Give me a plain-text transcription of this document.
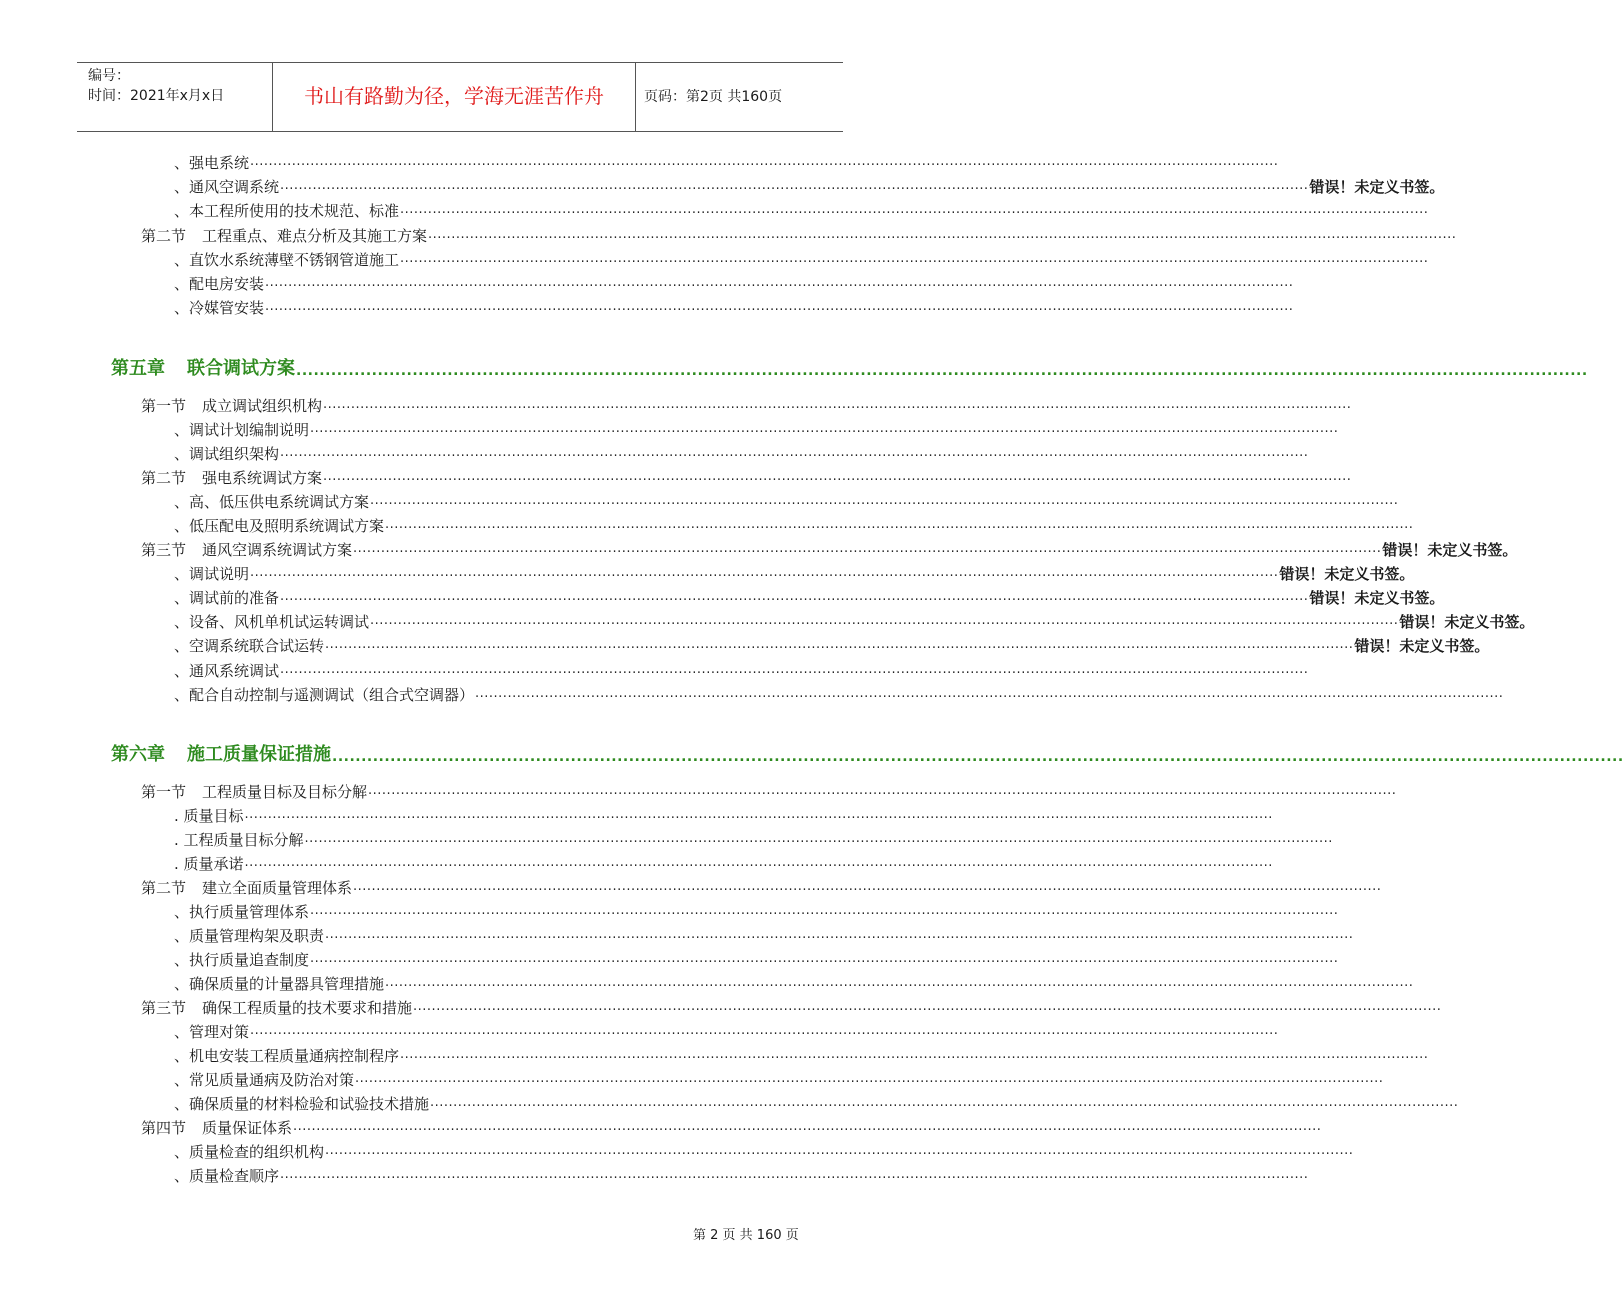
编号：
时间：2021年x月x日	书山有路勤为径，学海无涯苦作舟	页码：第2页 共160页
、强电系统 ..............................................................................................................................................................................................................................
、通风空调系统 .............................................................................................................................................................................................................................. 错误！未定义书签。
、本工程所使用的技术规范、标准 ..............................................................................................................................................................................................................................
第二节 工程重点、难点分析及其施工方案 ..............................................................................................................................................................................................................................
、直饮水系统薄壁不锈钢管道施工 ..............................................................................................................................................................................................................................
、配电房安装 ..............................................................................................................................................................................................................................
、冷媒管安装 ..............................................................................................................................................................................................................................
第五章 联合调试方案 ..............................................................................................................................................................................................................................
第一节 成立调试组织机构 ..............................................................................................................................................................................................................................
、调试计划编制说明 ..............................................................................................................................................................................................................................
、调试组织架构 ..............................................................................................................................................................................................................................
第二节 强电系统调试方案 ..............................................................................................................................................................................................................................
、高、低压供电系统调试方案 ..............................................................................................................................................................................................................................
、低压配电及照明系统调试方案 ..............................................................................................................................................................................................................................
第三节 通风空调系统调试方案 .............................................................................................................................................................................................................................. 错误！未定义书签。
、调试说明 .............................................................................................................................................................................................................................. 错误！未定义书签。
、调试前的准备 .............................................................................................................................................................................................................................. 错误！未定义书签。
、设备、风机单机试运转调试 .............................................................................................................................................................................................................................. 错误！未定义书签。
、空调系统联合试运转 .............................................................................................................................................................................................................................. 错误！未定义书签。
、通风系统调试 ..............................................................................................................................................................................................................................
、配合自动控制与遥测调试（组合式空调器） ..............................................................................................................................................................................................................................
第六章 施工质量保证措施 ..............................................................................................................................................................................................................................
第一节 工程质量目标及目标分解 ..............................................................................................................................................................................................................................
. 质量目标 ..............................................................................................................................................................................................................................
. 工程质量目标分解 ..............................................................................................................................................................................................................................
. 质量承诺 ..............................................................................................................................................................................................................................
第二节 建立全面质量管理体系 ..............................................................................................................................................................................................................................
、执行质量管理体系 ..............................................................................................................................................................................................................................
、质量管理构架及职责 ..............................................................................................................................................................................................................................
、执行质量追查制度 ..............................................................................................................................................................................................................................
、确保质量的计量器具管理措施 ..............................................................................................................................................................................................................................
第三节 确保工程质量的技术要求和措施 ..............................................................................................................................................................................................................................
、管理对策 ..............................................................................................................................................................................................................................
、机电安装工程质量通病控制程序 ..............................................................................................................................................................................................................................
、常见质量通病及防治对策 ..............................................................................................................................................................................................................................
、确保质量的材料检验和试验技术措施 ..............................................................................................................................................................................................................................
第四节 质量保证体系 ..............................................................................................................................................................................................................................
、质量检查的组织机构 ..............................................................................................................................................................................................................................
、质量检查顺序 ..............................................................................................................................................................................................................................
第 2 页 共 160 页
